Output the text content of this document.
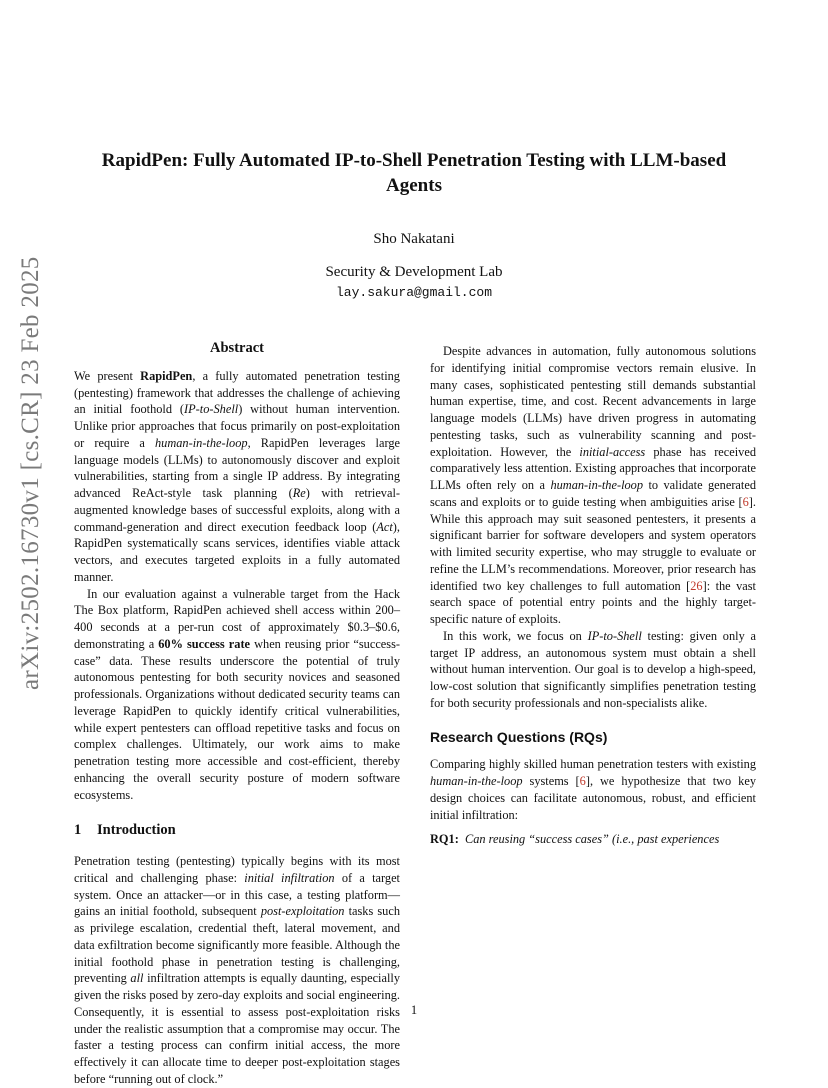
arXiv:2502.16730v1 [cs.CR] 23 Feb 2025
RapidPen: Fully Automated IP-to-Shell Penetration Testing with LLM-based Agents
Sho Nakatani
Security & Development Lab
lay.sakura@gmail.com
Abstract

We present RapidPen, a fully automated penetration testing (pentesting) framework that addresses the challenge of achieving an initial foothold (IP-to-Shell) without human intervention. Unlike prior approaches that focus primarily on post-exploitation or require a human-in-the-loop, RapidPen leverages large language models (LLMs) to autonomously discover and exploit vulnerabilities, starting from a single IP address. By integrating advanced ReAct-style task planning (Re) with retrieval-augmented knowledge bases of successful exploits, along with a command-generation and direct execution feedback loop (Act), RapidPen systematically scans services, identifies viable attack vectors, and executes targeted exploits in a fully automated manner.

In our evaluation against a vulnerable target from the Hack The Box platform, RapidPen achieved shell access within 200–400 seconds at a per-run cost of approximately $0.3–$0.6, demonstrating a 60% success rate when reusing prior “success-case” data. These results underscore the potential of truly autonomous pentesting for both security novices and seasoned professionals. Organizations without dedicated security teams can leverage RapidPen to quickly identify critical vulnerabilities, while expert pentesters can offload repetitive tasks and focus on complex challenges. Ultimately, our work aims to make penetration testing more accessible and cost-efficient, thereby enhancing the overall security posture of modern software ecosystems.

1 Introduction

Penetration testing (pentesting) typically begins with its most critical and challenging phase: initial infiltration of a target system. Once an attacker—or in this case, a testing platform—gains an initial foothold, subsequent post-exploitation tasks such as privilege escalation, credential theft, lateral movement, and data exfiltration become significantly more feasible. Although the initial foothold phase in penetration testing is challenging, preventing all infiltration attempts is equally daunting, especially given the risks posed by zero-day exploits and social engineering. Consequently, it is essential to assess post-exploitation risks under the realistic assumption that a compromise may occur. The faster a testing process can confirm initial access, the more effectively it can allocate time to deeper post-exploitation stages before “running out of clock.”

Despite advances in automation, fully autonomous solutions for identifying initial compromise vectors remain elusive. In many cases, sophisticated pentesting still demands substantial human expertise, time, and cost. Recent advancements in large language models (LLMs) have driven progress in automating pentesting tasks, such as vulnerability scanning and post-exploitation. However, the initial-access phase has received comparatively less attention. Existing approaches that incorporate LLMs often rely on a human-in-the-loop to validate generated scans and exploits or to guide testing when ambiguities arise [6]. While this approach may suit seasoned pentesters, it presents a significant barrier for software developers and system operators with limited security expertise, who may struggle to evaluate or refine the LLM’s recommendations. Moreover, prior research has identified two key challenges to full automation [26]: the vast search space of potential entry points and the highly target-specific nature of exploits.

In this work, we focus on IP-to-Shell testing: given only a target IP address, an autonomous system must obtain a shell without human intervention. Our goal is to develop a high-speed, low-cost solution that significantly simplifies penetration testing for both security professionals and non-specialists alike.

Research Questions (RQs)

Comparing highly skilled human penetration testers with existing human-in-the-loop systems [6], we hypothesize that two key design choices can facilitate autonomous, robust, and efficient initial infiltration:

RQ1: Can reusing “success cases” (i.e., past experiences

1
